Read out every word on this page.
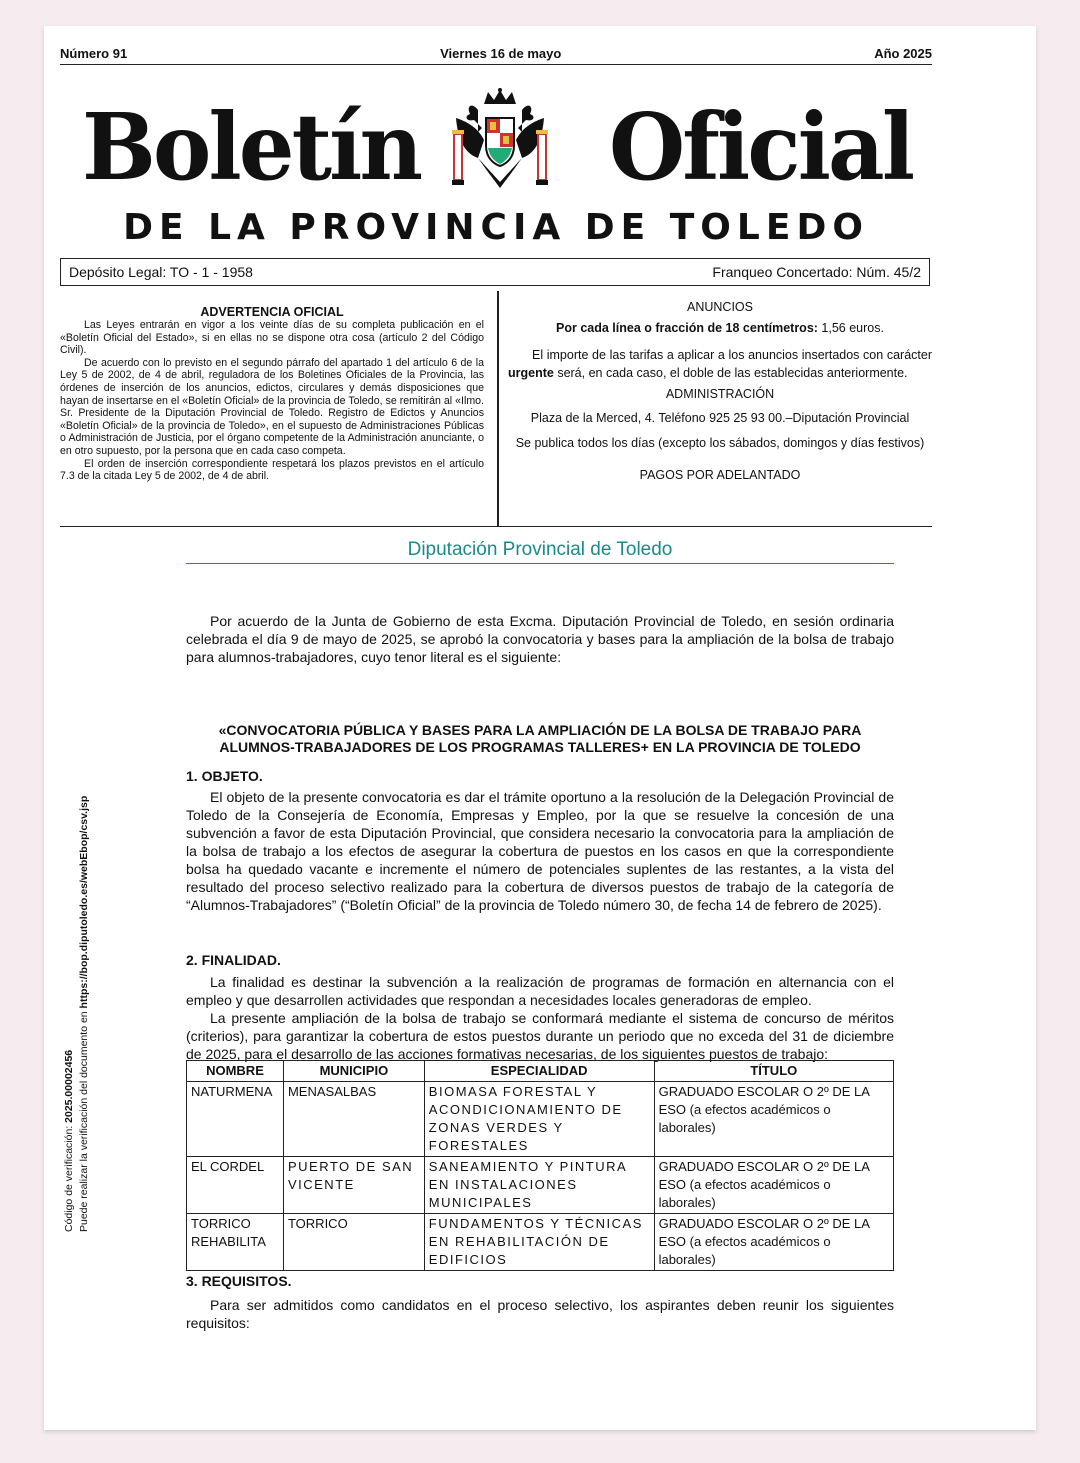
Número 91	Viernes 16 de mayo	Año 2025
Boletín Oficial
DE LA PROVINCIA DE TOLEDO
Depósito Legal: TO - 1 - 1958	Franqueo Concertado: Núm. 45/2
ADVERTENCIA OFICIAL

Las Leyes entrarán en vigor a los veinte días de su completa publicación en el «Boletín Oficial del Estado», si en ellas no se dispone otra cosa (artículo 2 del Código Civil).

De acuerdo con lo previsto en el segundo párrafo del apartado 1 del artículo 6 de la Ley 5 de 2002, de 4 de abril, reguladora de los Boletines Oficiales de la Provincia, las órdenes de inserción de los anuncios, edictos, circulares y demás disposiciones que hayan de insertarse en el «Boletín Oficial» de la provincia de Toledo, se remitirán al «Ilmo. Sr. Presidente de la Diputación Provincial de Toledo. Registro de Edictos y Anuncios «Boletín Oficial» de la provincia de Toledo», en el supuesto de Administraciones Públicas o Administración de Justicia, por el órgano competente de la Administración anunciante, o en otro supuesto, por la persona que en cada caso competa.

El orden de inserción correspondiente respetará los plazos previstos en el artículo 7.3 de la citada Ley 5 de 2002, de 4 de abril.

ANUNCIOS

Por cada línea o fracción de 18 centímetros: 1,56 euros.

El importe de las tarifas a aplicar a los anuncios insertados con carácter urgente será, en cada caso, el doble de las establecidas anteriormente.

ADMINISTRACIÓN

Plaza de la Merced, 4. Teléfono 925 25 93 00.–Diputación Provincial

Se publica todos los días (excepto los sábados, domingos y días festivos)

PAGOS POR ADELANTADO

Diputación Provincial de Toledo

Por acuerdo de la Junta de Gobierno de esta Excma. Diputación Provincial de Toledo, en sesión ordinaria celebrada el día 9 de mayo de 2025, se aprobó la convocatoria y bases para la ampliación de la bolsa de trabajo para alumnos-trabajadores, cuyo tenor literal es el siguiente:

«CONVOCATORIA PÚBLICA Y BASES PARA LA AMPLIACIÓN DE LA BOLSA DE TRABAJO PARA ALUMNOS-TRABAJADORES DE LOS PROGRAMAS TALLERES+ EN LA PROVINCIA DE TOLEDO

1. OBJETO.

El objeto de la presente convocatoria es dar el trámite oportuno a la resolución de la Delegación Provincial de Toledo de la Consejería de Economía, Empresas y Empleo, por la que se resuelve la concesión de una subvención a favor de esta Diputación Provincial, que considera necesario la convocatoria para la ampliación de la bolsa de trabajo a los efectos de asegurar la cobertura de puestos en los casos en que la correspondiente bolsa ha quedado vacante e incremente el número de potenciales suplentes de las restantes, a la vista del resultado del proceso selectivo realizado para la cobertura de diversos puestos de trabajo de la categoría de “Alumnos-Trabajadores” (“Boletín Oficial” de la provincia de Toledo número 30, de fecha 14 de febrero de 2025).

2. FINALIDAD.

La finalidad es destinar la subvención a la realización de programas de formación en alternancia con el empleo y que desarrollen actividades que respondan a necesidades locales generadoras de empleo.

La presente ampliación de la bolsa de trabajo se conformará mediante el sistema de concurso de méritos (criterios), para garantizar la cobertura de estos puestos durante un periodo que no exceda del 31 de diciembre de 2025, para el desarrollo de las acciones formativas necesarias, de los siguientes puestos de trabajo:

NOMBRE	MUNICIPIO	ESPECIALIDAD	TÍTULO
NATURMENA	MENASALBAS	BIOMASA FORESTAL Y ACONDICIONAMIENTO DE ZONAS VERDES Y FORESTALES	GRADUADO ESCOLAR O 2º DE LA ESO (a efectos académicos o laborales)
EL CORDEL	PUERTO DE SAN VICENTE	SANEAMIENTO Y PINTURA EN INSTALACIONES MUNICIPALES	GRADUADO ESCOLAR O 2º DE LA ESO (a efectos académicos o laborales)
TORRICO REHABILITA	TORRICO	FUNDAMENTOS Y TÉCNICAS EN REHABILITACIÓN DE EDIFICIOS	GRADUADO ESCOLAR O 2º DE LA ESO (a efectos académicos o laborales)

3. REQUISITOS.

Para ser admitidos como candidatos en el proceso selectivo, los aspirantes deben reunir los siguientes requisitos:

Código de verificación: 2025.00002456 Puede realizar la verificación del documento en https://bop.diputoledo.es/webEbop/csv.jsp
